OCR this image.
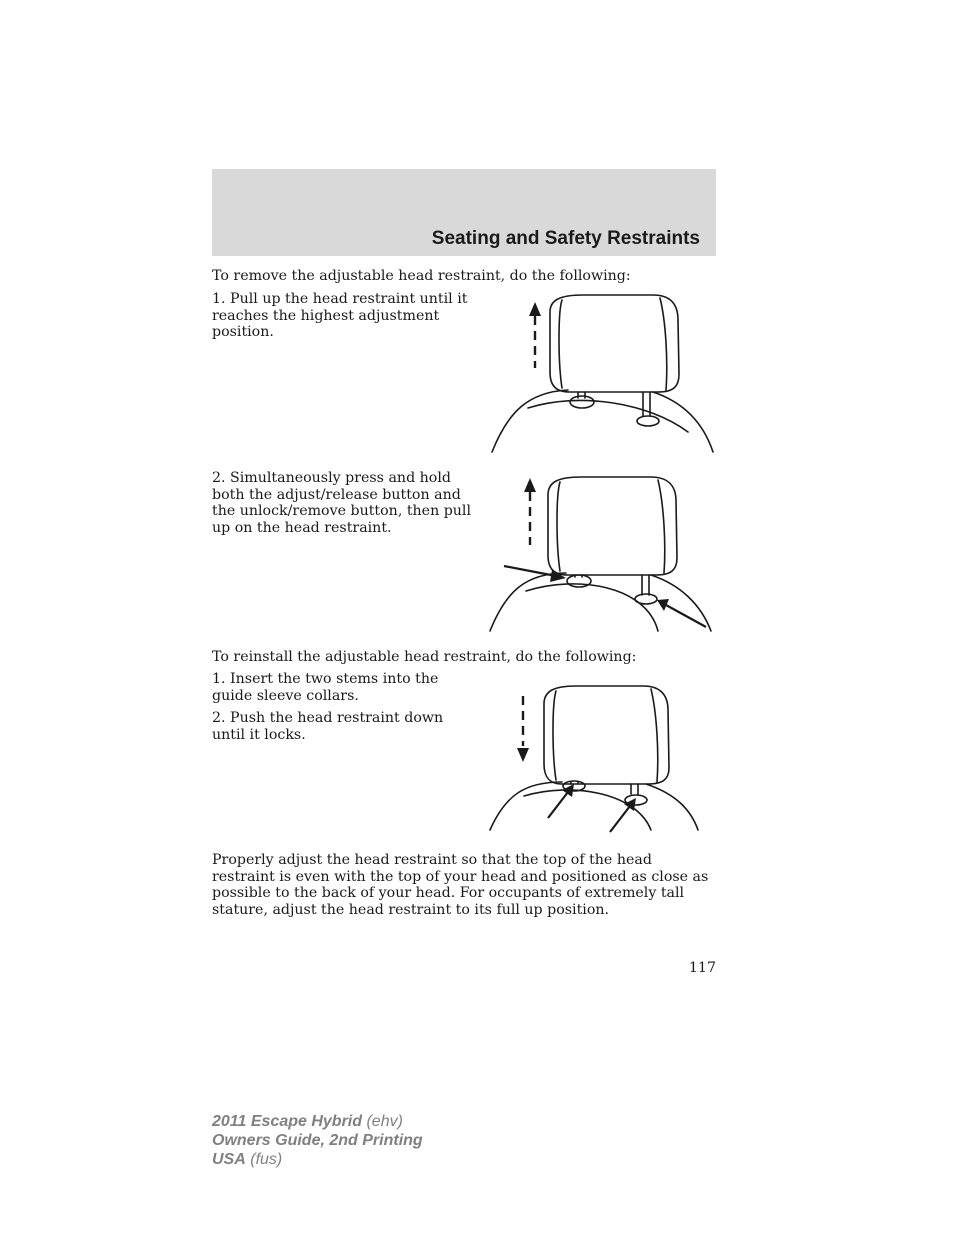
Seating and Safety Restraints

To remove the adjustable head restraint, do the following:

1. Pull up the head restraint until it reaches the highest adjustment position.

2. Simultaneously press and hold both the adjust/release button and the unlock/remove button, then pull up on the head restraint.

To reinstall the adjustable head restraint, do the following:

1. Insert the two stems into the guide sleeve collars.

2. Push the head restraint down until it locks.

Properly adjust the head restraint so that the top of the head restraint is even with the top of your head and positioned as close as possible to the back of your head. For occupants of extremely tall stature, adjust the head restraint to its full up position.

117
2011 Escape Hybrid (ehv)
Owners Guide, 2nd Printing
USA (fus)
